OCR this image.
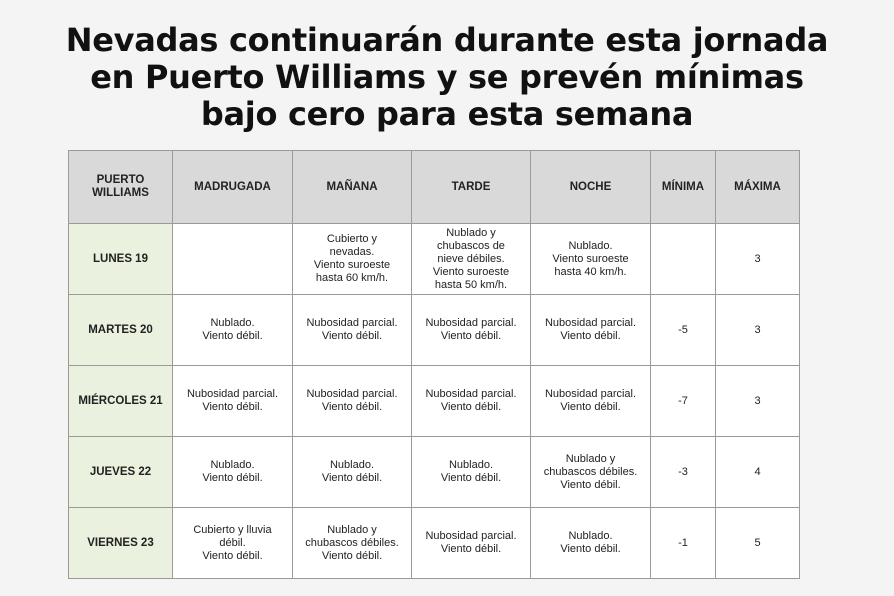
Nevadas continuarán durante esta jornada
en Puerto Williams y se prevén mínimas
bajo cero para esta semana
PUERTO
WILLIAMS	MADRUGADA	MAÑANA	TARDE	NOCHE	MÍNIMA	MÁXIMA
LUNES 19		Cubierto y
nevadas.
Viento suroeste
hasta 60 km/h.	Nublado y
chubascos de
nieve débiles.
Viento suroeste
hasta 50 km/h.	Nublado.
Viento suroeste
hasta 40 km/h.		3
MARTES 20	Nublado.
Viento débil.	Nubosidad parcial.
Viento débil.	Nubosidad parcial.
Viento débil.	Nubosidad parcial.
Viento débil.	-5	3
MIÉRCOLES 21	Nubosidad parcial.
Viento débil.	Nubosidad parcial.
Viento débil.	Nubosidad parcial.
Viento débil.	Nubosidad parcial.
Viento débil.	-7	3
JUEVES 22	Nublado.
Viento débil.	Nublado.
Viento débil.	Nublado.
Viento débil.	Nublado y
chubascos débiles.
Viento débil.	-3	4
VIERNES 23	Cubierto y lluvia
débil.
Viento débil.	Nublado y
chubascos débiles.
Viento débil.	Nubosidad parcial.
Viento débil.	Nublado.
Viento débil.	-1	5
